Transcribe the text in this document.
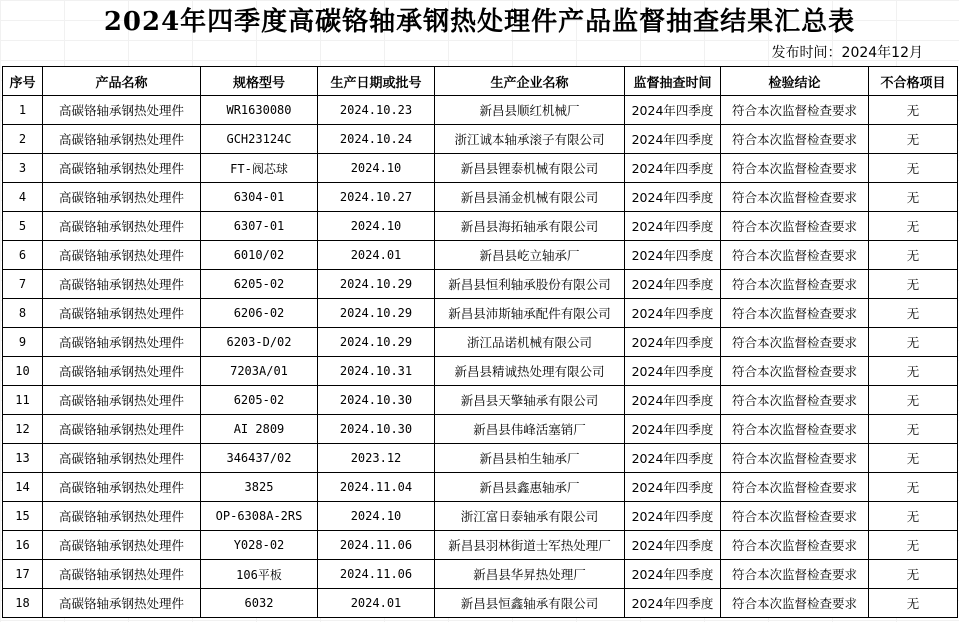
2024年四季度高碳铬轴承钢热处理件产品监督抽查结果汇总表
发布时间：2024年12月
序号	产品名称	规格型号	生产日期或批号	生产企业名称	监督抽查时间	检验结论	不合格项目
1	高碳铬轴承钢热处理件	WR1630080	2024.10.23	新昌县顺红机械厂	2024年四季度	符合本次监督检查要求	无
2	高碳铬轴承钢热处理件	GCH23124C	2024.10.24	浙江诚本轴承滚子有限公司	2024年四季度	符合本次监督检查要求	无
3	高碳铬轴承钢热处理件	FT-阀芯球	2024.10	新昌县锂泰机械有限公司	2024年四季度	符合本次监督检查要求	无
4	高碳铬轴承钢热处理件	6304-01	2024.10.27	新昌县涌金机械有限公司	2024年四季度	符合本次监督检查要求	无
5	高碳铬轴承钢热处理件	6307-01	2024.10	新昌县海拓轴承有限公司	2024年四季度	符合本次监督检查要求	无
6	高碳铬轴承钢热处理件	6010/02	2024.01	新昌县屹立轴承厂	2024年四季度	符合本次监督检查要求	无
7	高碳铬轴承钢热处理件	6205-02	2024.10.29	新昌县恒利轴承股份有限公司	2024年四季度	符合本次监督检查要求	无
8	高碳铬轴承钢热处理件	6206-02	2024.10.29	新昌县沛斯轴承配件有限公司	2024年四季度	符合本次监督检查要求	无
9	高碳铬轴承钢热处理件	6203-D/02	2024.10.29	浙江品诺机械有限公司	2024年四季度	符合本次监督检查要求	无
10	高碳铬轴承钢热处理件	7203A/01	2024.10.31	新昌县精诚热处理有限公司	2024年四季度	符合本次监督检查要求	无
11	高碳铬轴承钢热处理件	6205-02	2024.10.30	新昌县天擎轴承有限公司	2024年四季度	符合本次监督检查要求	无
12	高碳铬轴承钢热处理件	AI 2809	2024.10.30	新昌县伟峰活塞销厂	2024年四季度	符合本次监督检查要求	无
13	高碳铬轴承钢热处理件	346437/02	2023.12	新昌县柏生轴承厂	2024年四季度	符合本次监督检查要求	无
14	高碳铬轴承钢热处理件	3825	2024.11.04	新昌县鑫惠轴承厂	2024年四季度	符合本次监督检查要求	无
15	高碳铬轴承钢热处理件	OP-6308A-2RS	2024.10	浙江富日泰轴承有限公司	2024年四季度	符合本次监督检查要求	无
16	高碳铬轴承钢热处理件	Y028-02	2024.11.06	新昌县羽林街道士军热处理厂	2024年四季度	符合本次监督检查要求	无
17	高碳铬轴承钢热处理件	106平板	2024.11.06	新昌县华昇热处理厂	2024年四季度	符合本次监督检查要求	无
18	高碳铬轴承钢热处理件	6032	2024.01	新昌县恒鑫轴承有限公司	2024年四季度	符合本次监督检查要求	无
